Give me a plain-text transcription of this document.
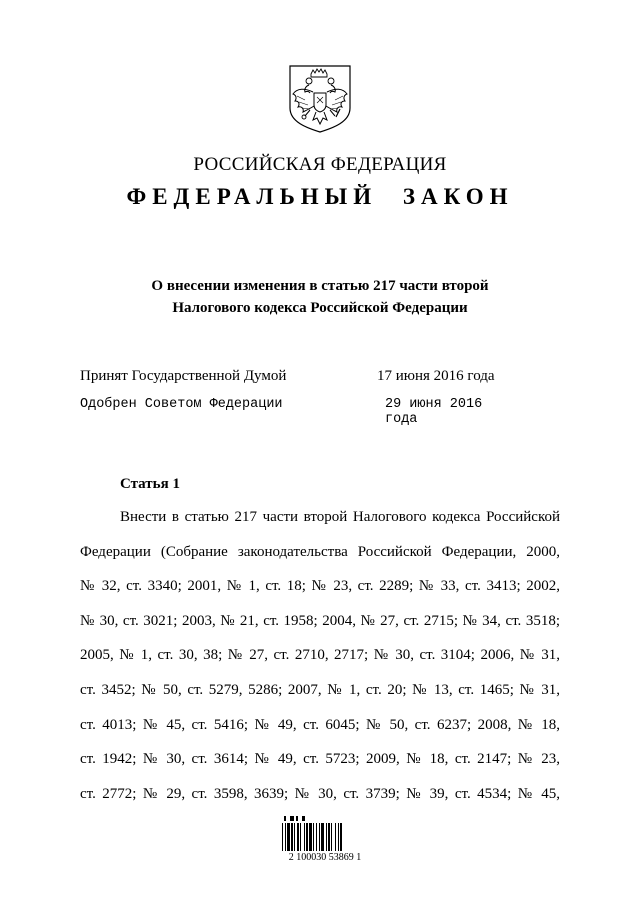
РОССИЙСКАЯ ФЕДЕРАЦИЯ
ФЕДЕРАЛЬНЫЙ ЗАКОН
О внесении изменения в статью 217 части второй
Налогового кодекса Российской Федерации
Принят Государственной Думой	17 июня 2016 года
Одобрен Советом Федерации	29 июня 2016 года
Статья 1
Внести в статью 217 части второй Налогового кодекса Российской
Федерации (Собрание законодательства Российской Федерации, 2000,
№ 32, ст. 3340; 2001, № 1, ст. 18; № 23, ст. 2289; № 33, ст. 3413; 2002,
№ 30, ст. 3021; 2003, № 21, ст. 1958; 2004, № 27, ст. 2715; № 34, ст. 3518;
2005, № 1, ст. 30, 38; № 27, ст. 2710, 2717; № 30, ст. 3104; 2006, № 31,
ст. 3452; № 50, ст. 5279, 5286; 2007, № 1, ст. 20; № 13, ст. 1465; № 31,
ст. 4013; № 45, ст. 5416; № 49, ст. 6045; № 50, ст. 6237; 2008, № 18,
ст. 1942; № 30, ст. 3614; № 49, ст. 5723; 2009, № 18, ст. 2147; № 23,
ст. 2772; № 29, ст. 3598, 3639; № 30, ст. 3739; № 39, ст. 4534; № 45,
2 100030 53869 1
